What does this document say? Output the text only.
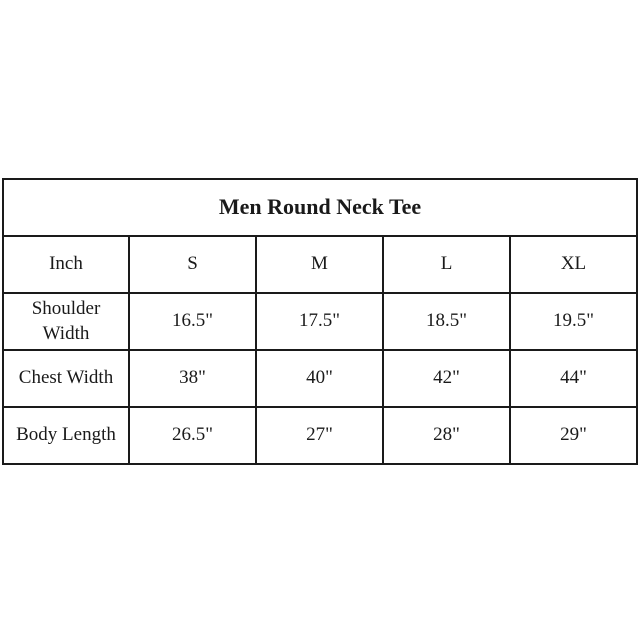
Men Round Neck Tee				
Inch	S	M	L	XL
Shoulder Width	16.5"	17.5"	18.5"	19.5"
Chest Width	38"	40"	42"	44"
Body Length	26.5"	27"	28"	29"
